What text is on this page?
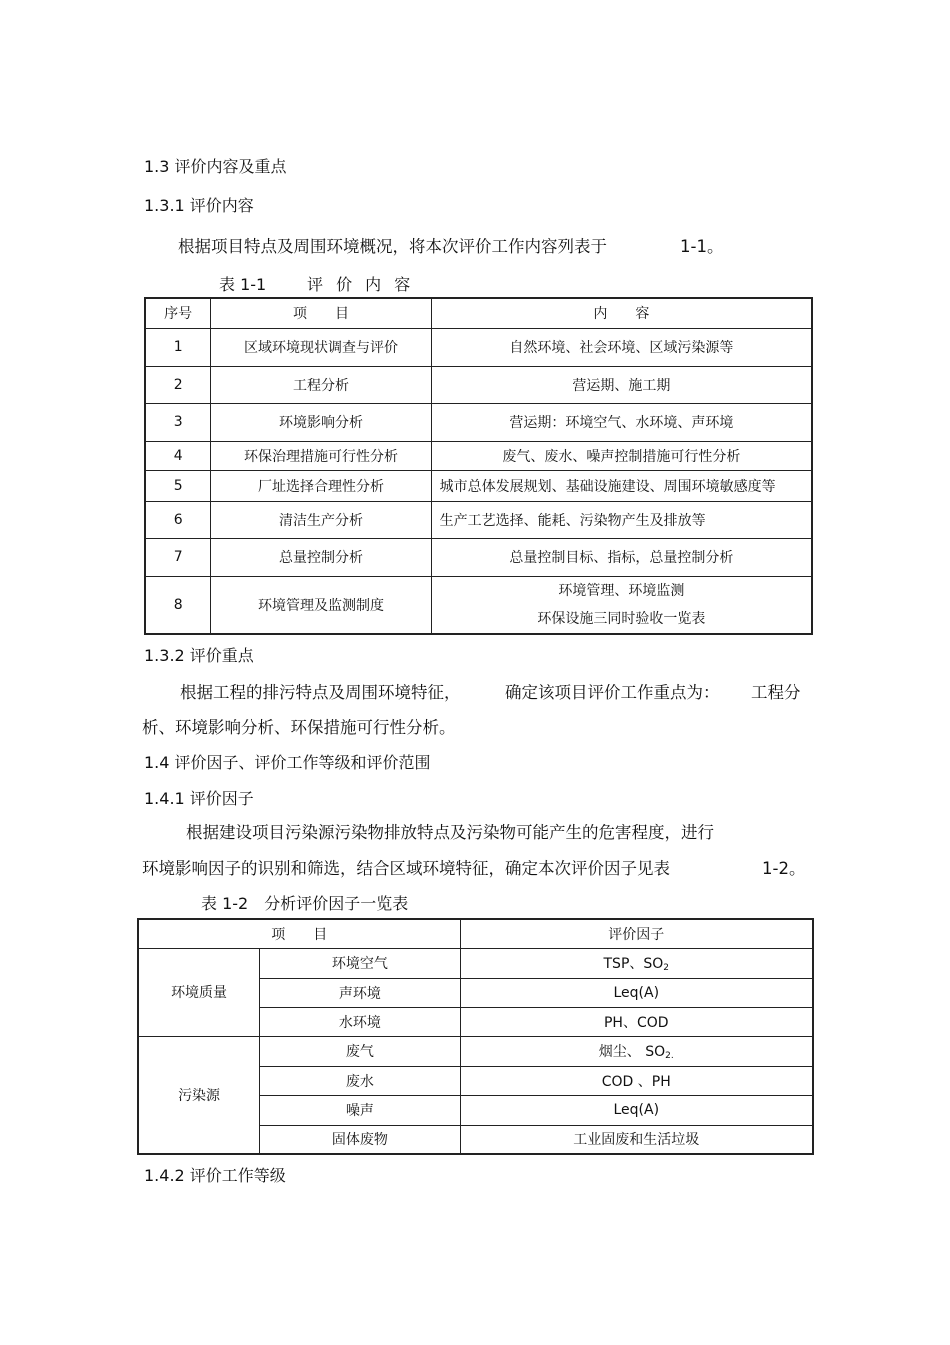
1.3 评价内容及重点
1.3.1 评价内容
根据项目特点及周围环境概况，将本次评价工作内容列表于	1-1。
表 1-1	评 价 内 容
序号	项　　目	内　　容
1	区域环境现状调查与评价	自然环境、社会环境、区域污染源等
2	工程分析	营运期、施工期
3	环境影响分析	营运期：环境空气、水环境、声环境
4	环保治理措施可行性分析	废气、废水、噪声控制措施可行性分析
5	厂址选择合理性分析	城市总体发展规划、基础设施建设、周围环境敏感度等
6	清洁生产分析	生产工艺选择、能耗、污染物产生及排放等
7	总量控制分析	总量控制目标、指标，总量控制分析
8	环境管理及监测制度	环境管理、环境监测
环保设施三同时验收一览表
1.3.2 评价重点
根据工程的排污特点及周围环境特征，	确定该项目评价工作重点为： 工程分
析、环境影响分析、环保措施可行性分析。
1.4 评价因子、评价工作等级和评价范围
1.4.1 评价因子
根据建设项目污染源污染物排放特点及污染物可能产生的危害程度，进行
环境影响因子的识别和筛选，结合区域环境特征，确定本次评价因子见表	1-2。
表 1-2　分析评价因子一览表
项　　目		评价因子
环境质量	环境空气	TSP、$SO_2$
	声环境	Leq(A)
	水环境	PH、COD
污染源	废气	烟尘、 $SO_{2.}$
	废水	COD 、PH
	噪声	Leq(A)
	固体废物	工业固废和生活垃圾
1.4.2 评价工作等级
